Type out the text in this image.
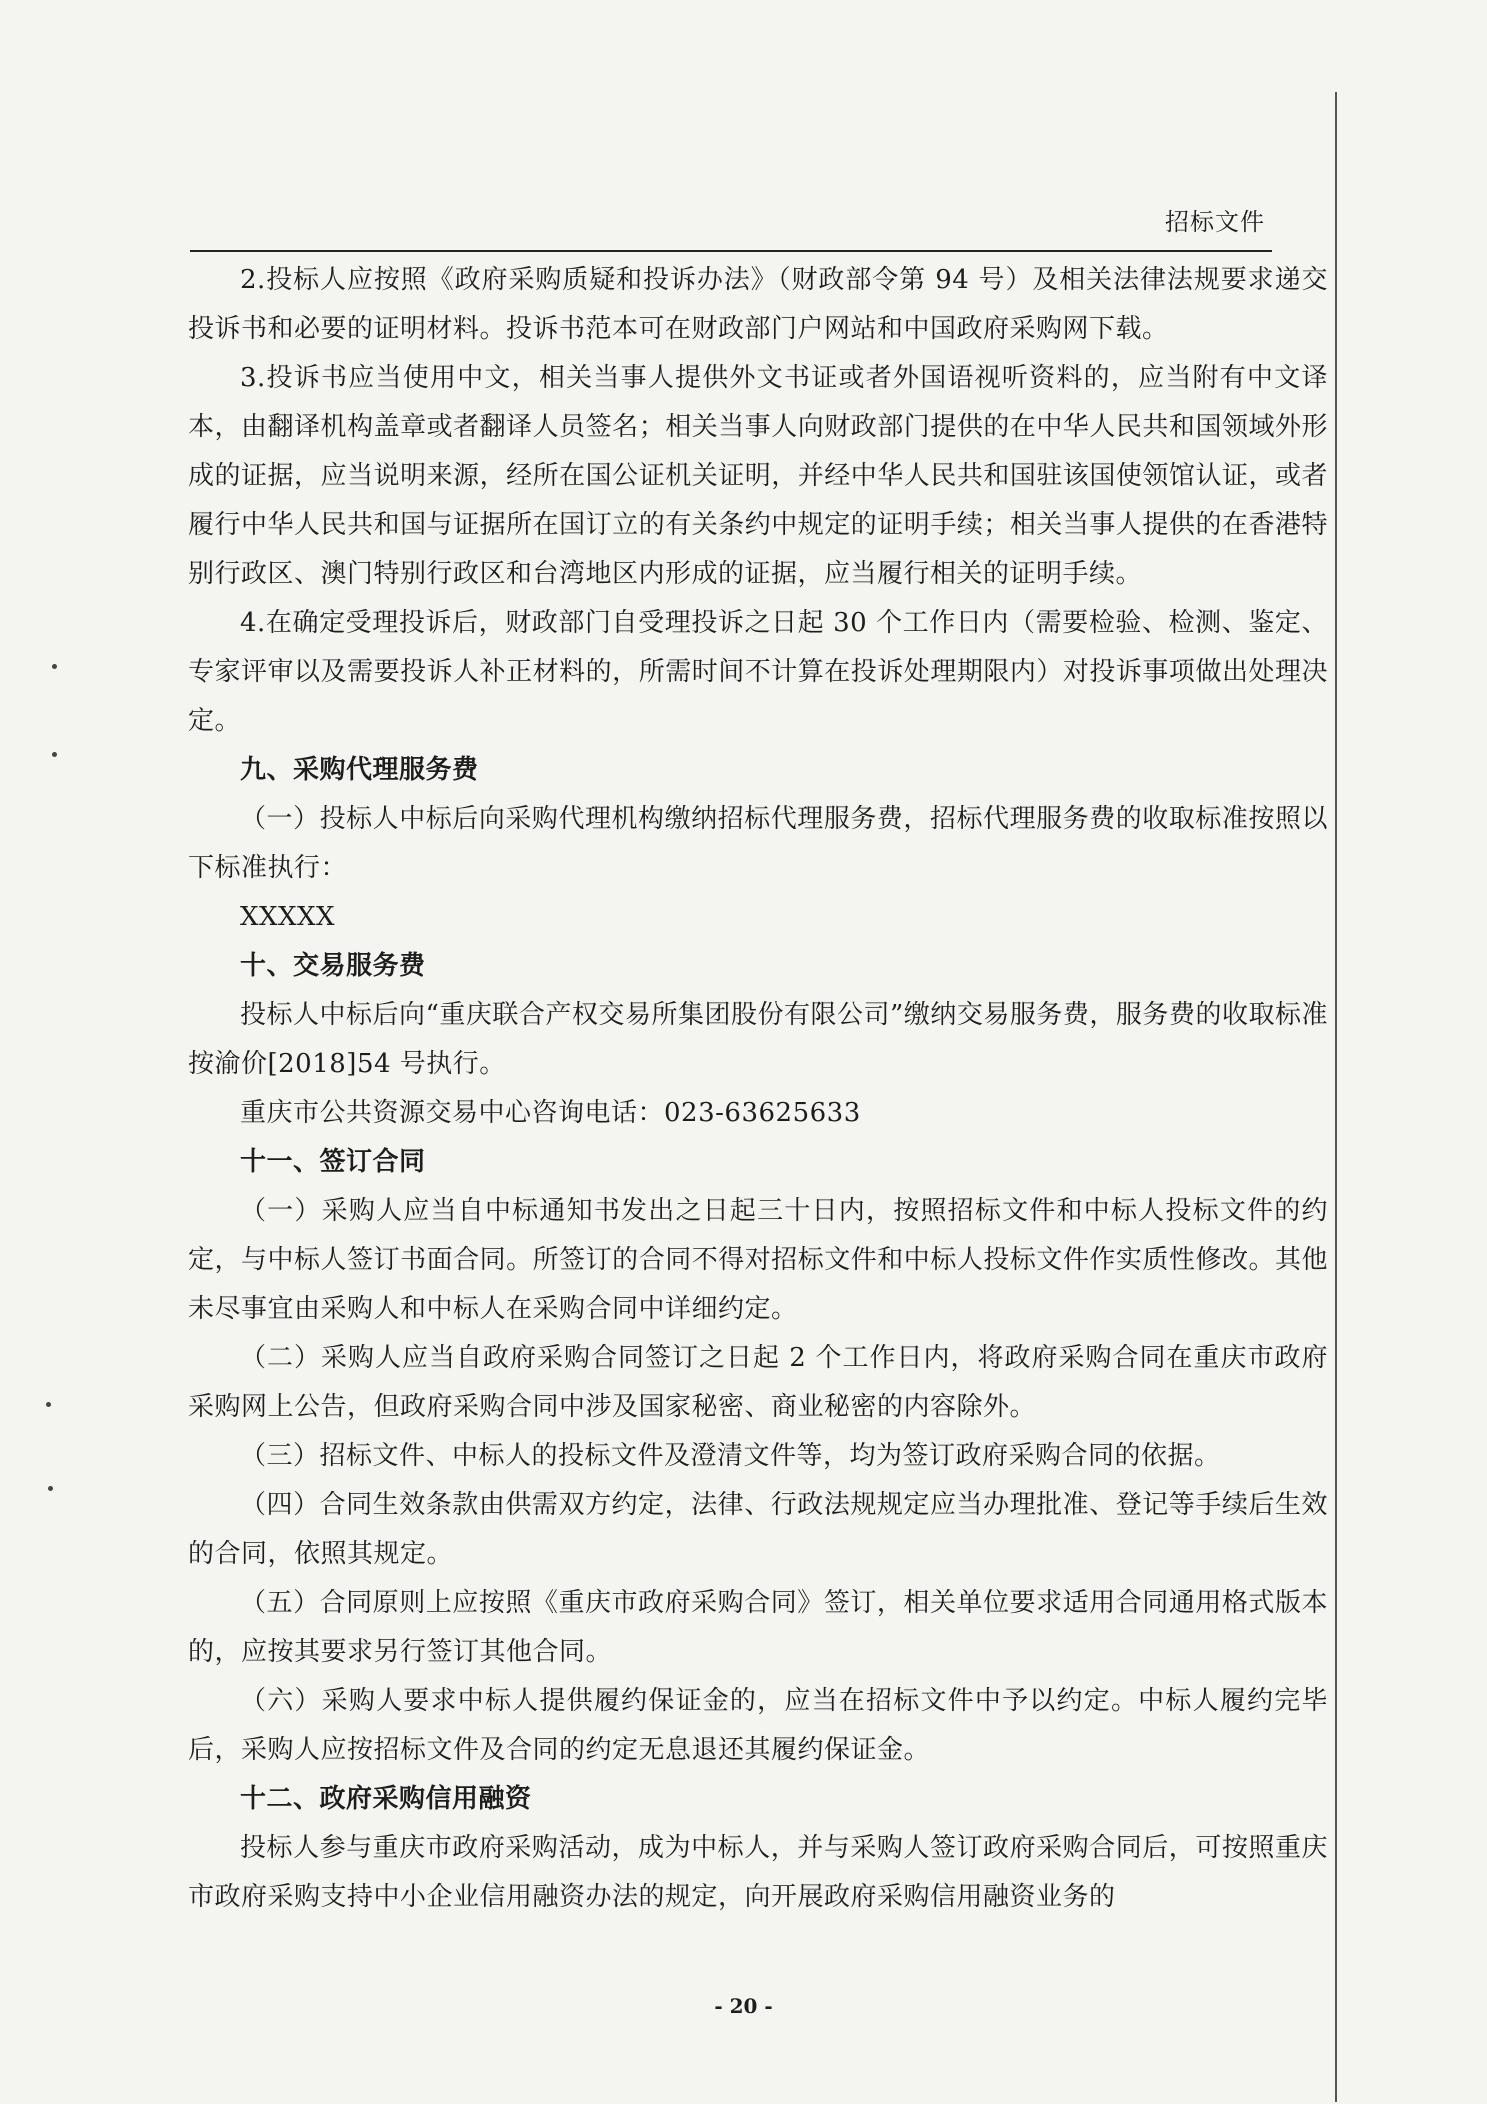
招标文件

2.投标人应按照《政府采购质疑和投诉办法》（财政部令第 94 号）及相关法律法规要求递交投诉书和必要的证明材料。投诉书范本可在财政部门户网站和中国政府采购网下载。

3.投诉书应当使用中文，相关当事人提供外文书证或者外国语视听资料的，应当附有中文译本，由翻译机构盖章或者翻译人员签名；相关当事人向财政部门提供的在中华人民共和国领域外形成的证据，应当说明来源，经所在国公证机关证明，并经中华人民共和国驻该国使领馆认证，或者履行中华人民共和国与证据所在国订立的有关条约中规定的证明手续；相关当事人提供的在香港特别行政区、澳门特别行政区和台湾地区内形成的证据，应当履行相关的证明手续。

4.在确定受理投诉后，财政部门自受理投诉之日起 30 个工作日内（需要检验、检测、鉴定、专家评审以及需要投诉人补正材料的，所需时间不计算在投诉处理期限内）对投诉事项做出处理决定。

九、采购代理服务费

（一）投标人中标后向采购代理机构缴纳招标代理服务费，招标代理服务费的收取标准按照以下标准执行：

XXXXX

十、交易服务费

投标人中标后向“重庆联合产权交易所集团股份有限公司”缴纳交易服务费，服务费的收取标准按渝价[2018]54 号执行。

重庆市公共资源交易中心咨询电话：023-63625633

十一、签订合同

（一）采购人应当自中标通知书发出之日起三十日内，按照招标文件和中标人投标文件的约定，与中标人签订书面合同。所签订的合同不得对招标文件和中标人投标文件作实质性修改。其他未尽事宜由采购人和中标人在采购合同中详细约定。

（二）采购人应当自政府采购合同签订之日起 2 个工作日内，将政府采购合同在重庆市政府采购网上公告，但政府采购合同中涉及国家秘密、商业秘密的内容除外。

（三）招标文件、中标人的投标文件及澄清文件等，均为签订政府采购合同的依据。

（四）合同生效条款由供需双方约定，法律、行政法规规定应当办理批准、登记等手续后生效的合同，依照其规定。

（五）合同原则上应按照《重庆市政府采购合同》签订，相关单位要求适用合同通用格式版本的，应按其要求另行签订其他合同。

（六）采购人要求中标人提供履约保证金的，应当在招标文件中予以约定。中标人履约完毕后，采购人应按招标文件及合同的约定无息退还其履约保证金。

十二、政府采购信用融资

投标人参与重庆市政府采购活动，成为中标人，并与采购人签订政府采购合同后，可按照重庆市政府采购支持中小企业信用融资办法的规定，向开展政府采购信用融资业务的

- 20 -
